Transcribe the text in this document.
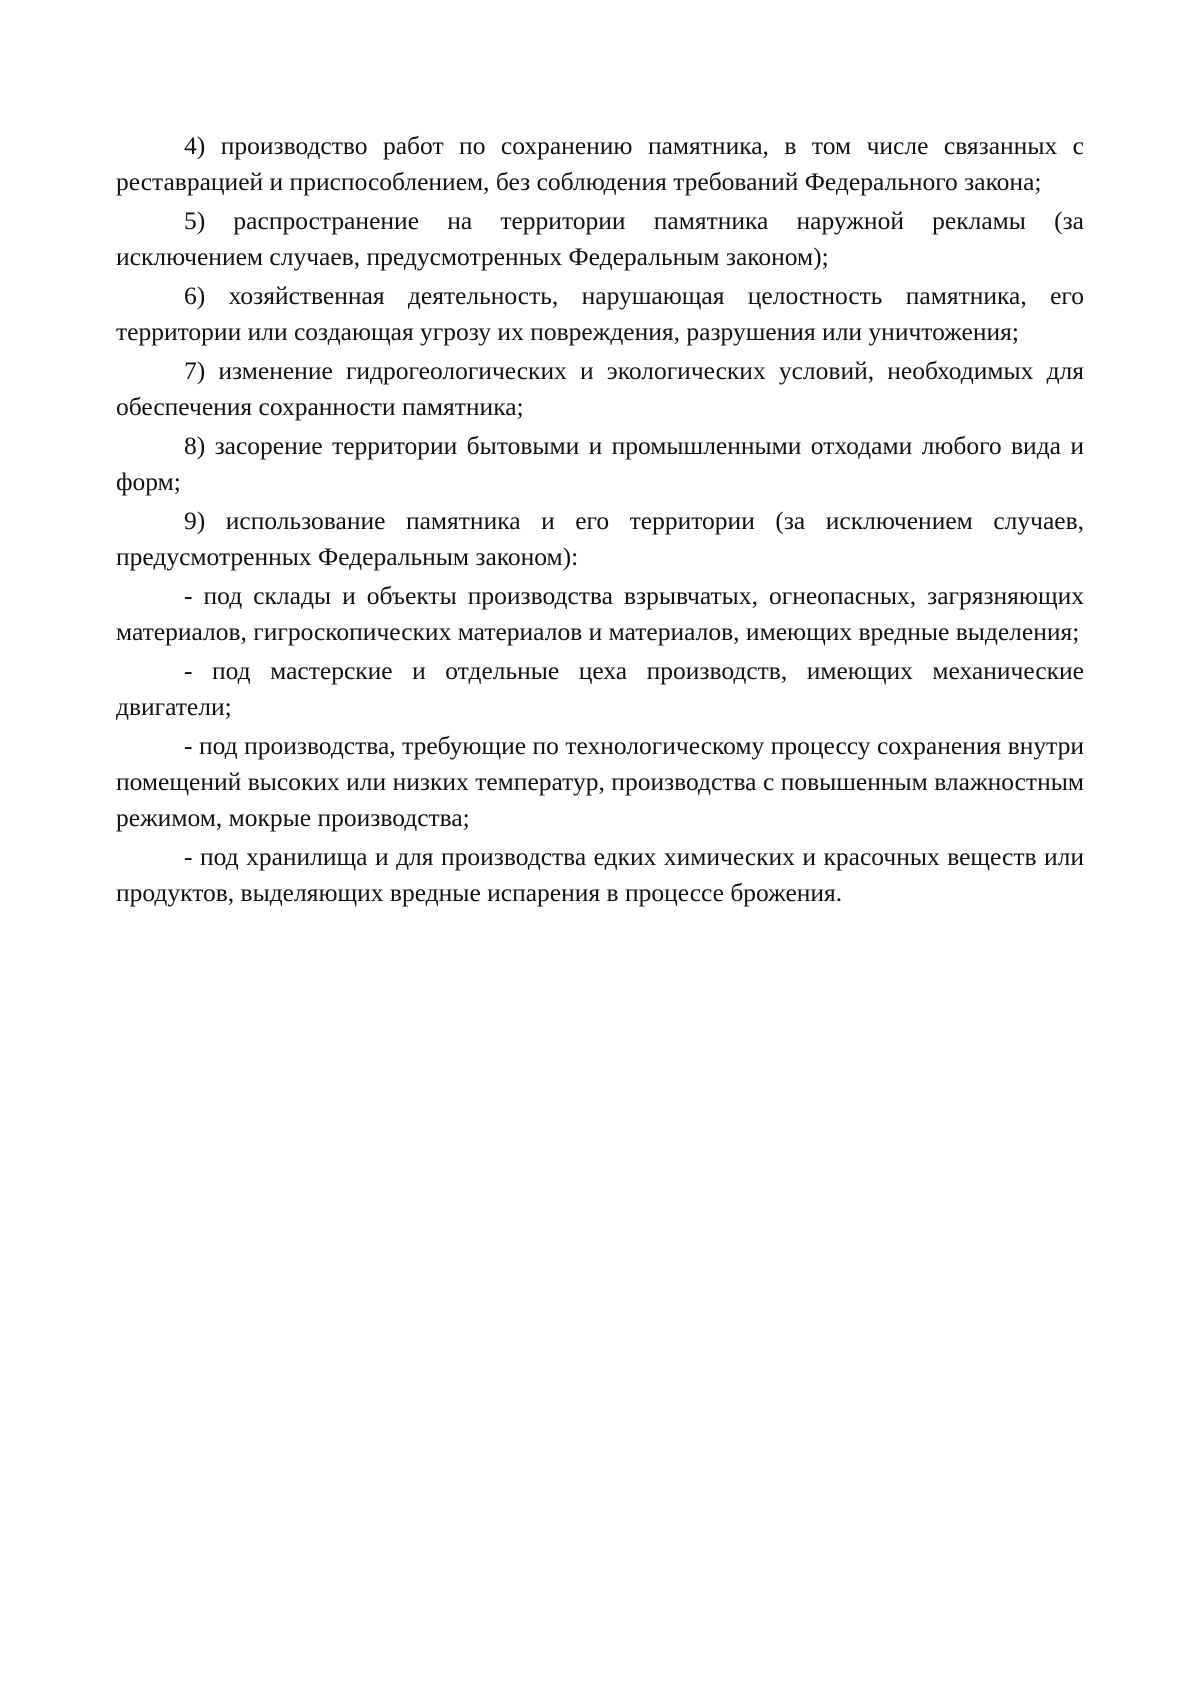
4) производство работ по сохранению памятника, в том числе связанных с реставрацией и приспособлением, без соблюдения требований Федерального закона;

5) распространение на территории памятника наружной рекламы (за исключением случаев, предусмотренных Федеральным законом);

6) хозяйственная деятельность, нарушающая целостность памятника, его территории или создающая угрозу их повреждения, разрушения или уничтожения;

7) изменение гидрогеологических и экологических условий, необходимых для обеспечения сохранности памятника;

8) засорение территории бытовыми и промышленными отходами любого вида и форм;

9) использование памятника и его территории (за исключением случаев, предусмотренных Федеральным законом):

- под склады и объекты производства взрывчатых, огнеопасных, загрязняющих материалов, гигроскопических материалов и материалов, имеющих вредные выделения;

- под мастерские и отдельные цеха производств, имеющих механические двигатели;

- под производства, требующие по технологическому процессу сохранения внутри помещений высоких или низких температур, производства с повышенным влажностным режимом, мокрые производства;

- под хранилища и для производства едких химических и красочных веществ или продуктов, выделяющих вредные испарения в процессе брожения.
